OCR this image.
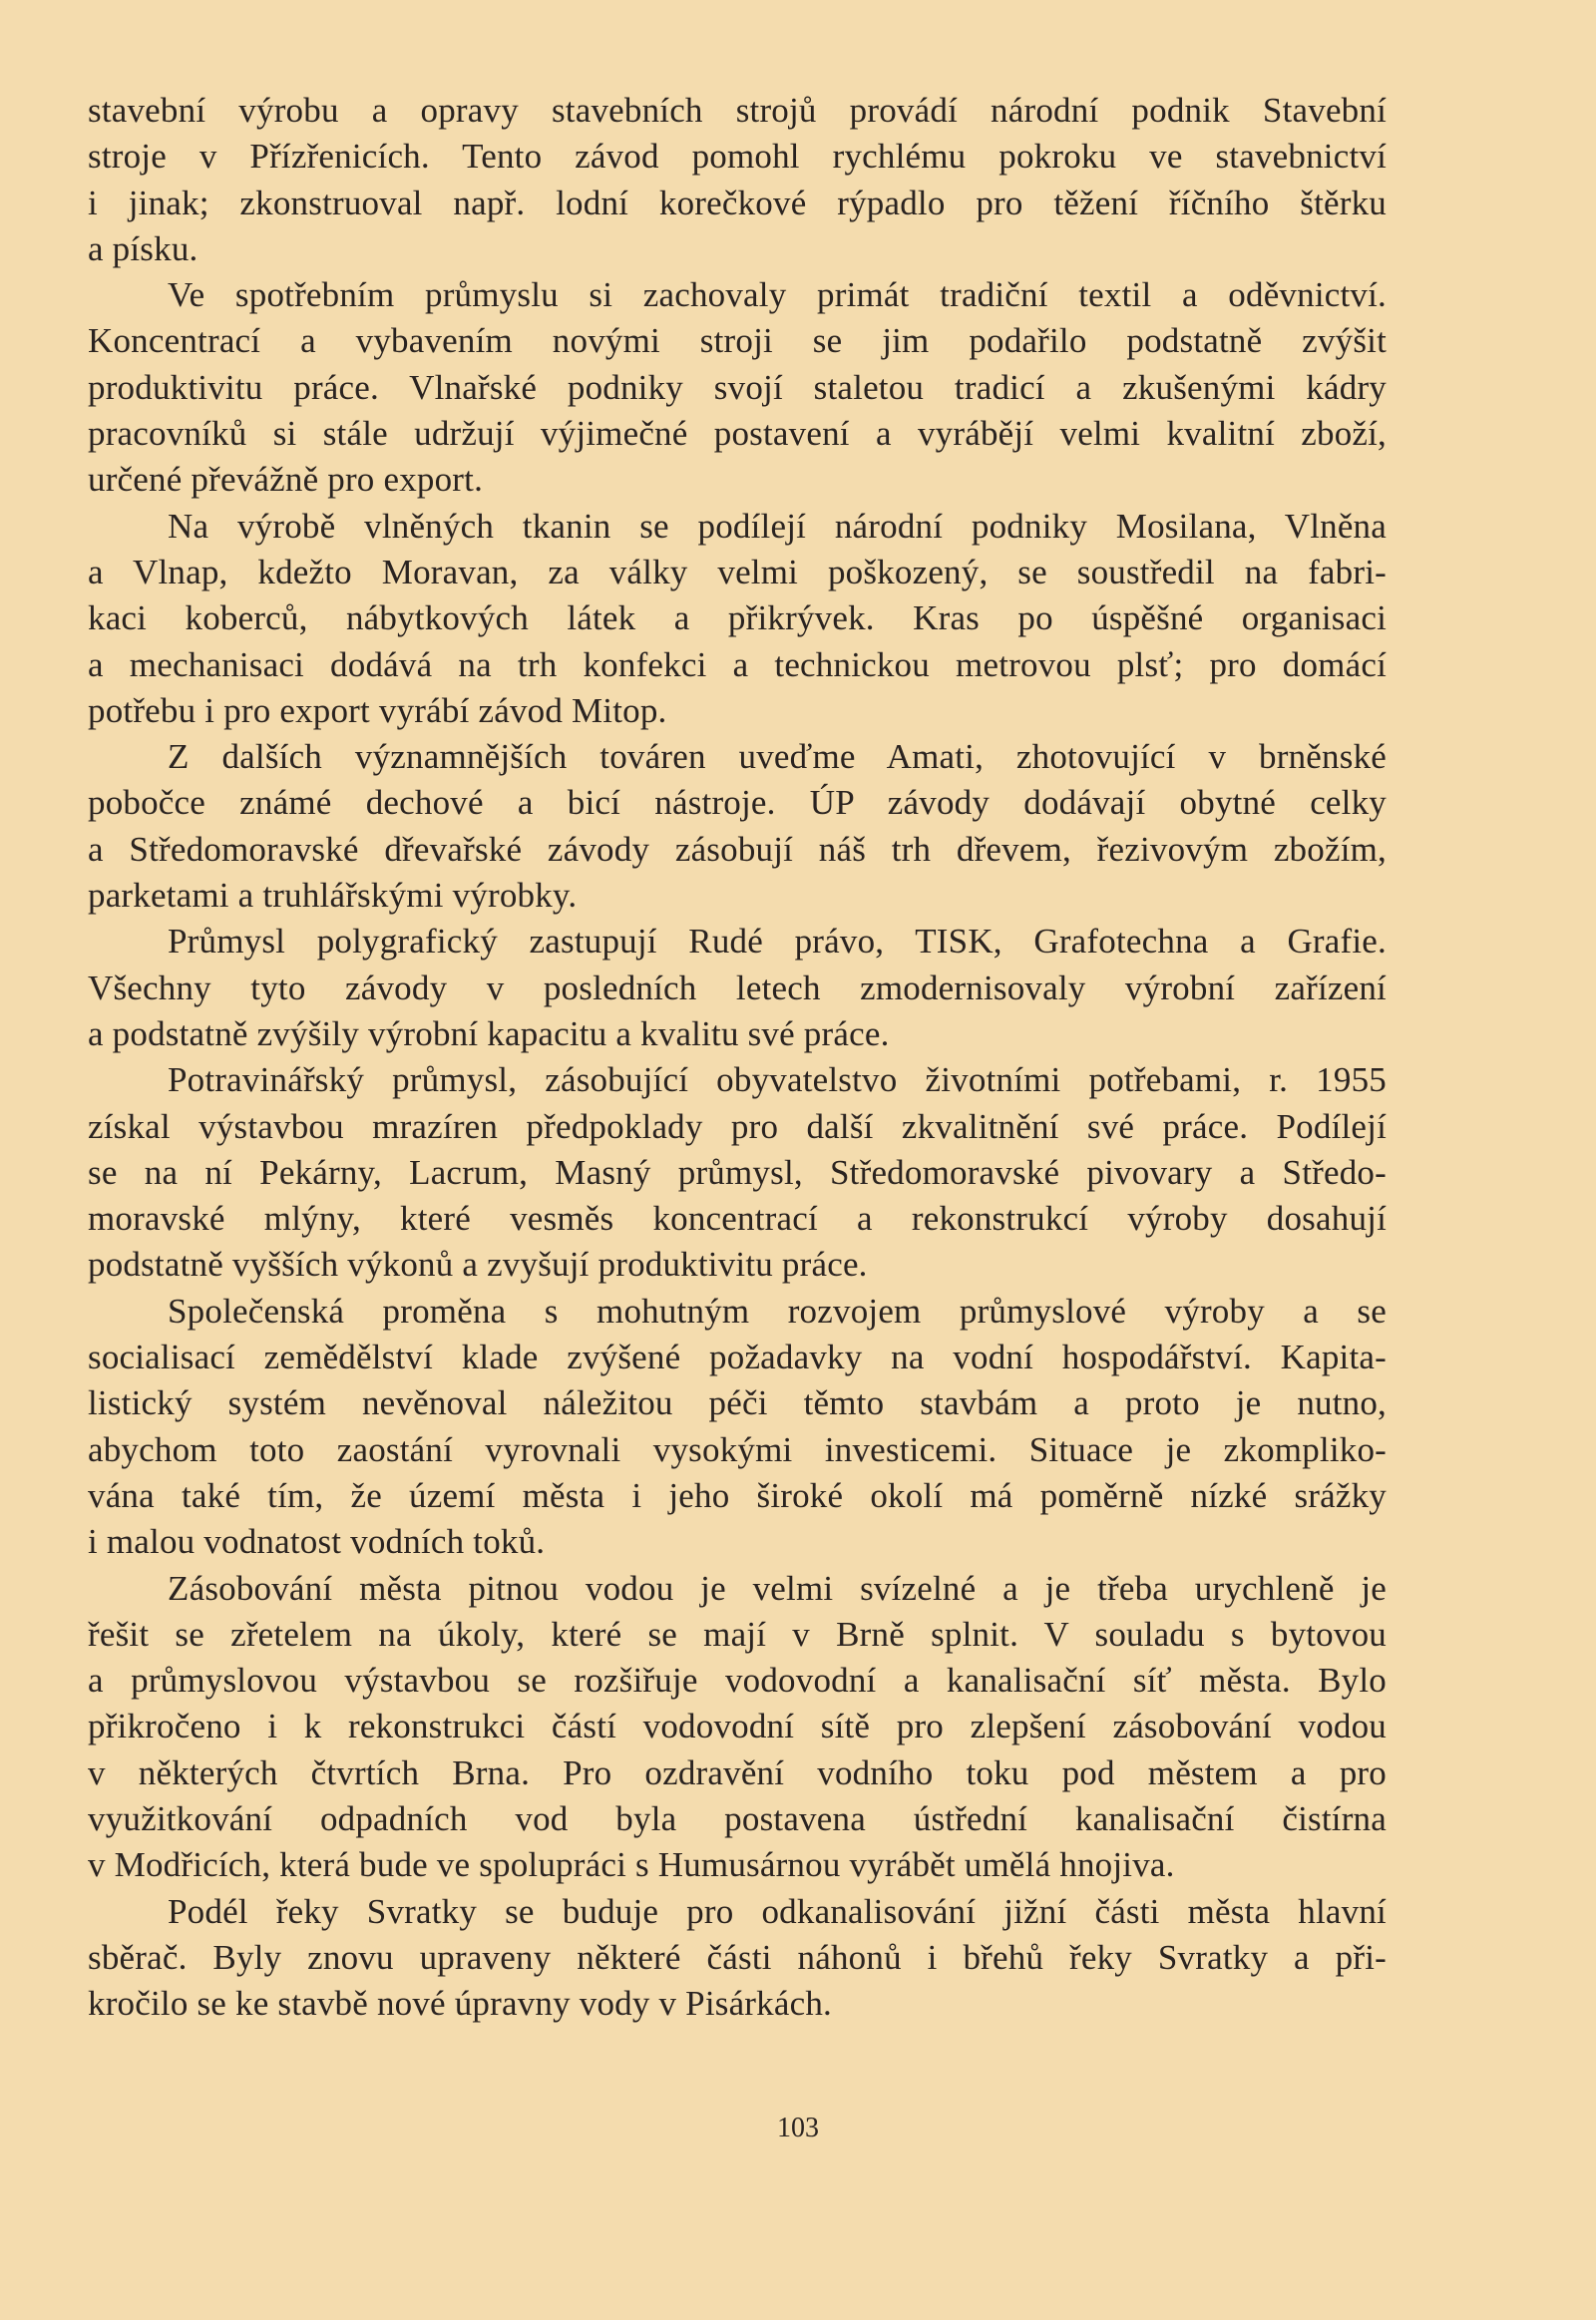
stavební výrobu a opravy stavebních strojů provádí národní podnik Stavební
stroje v Přízřenicích. Tento závod pomohl rychlému pokroku ve stavebnictví
i jinak; zkonstruoval např. lodní korečkové rýpadlo pro těžení říčního štěrku
a písku.
Ve spotřebním průmyslu si zachovaly primát tradiční textil a oděvnictví.
Koncentrací a vybavením novými stroji se jim podařilo podstatně zvýšit
produktivitu práce. Vlnařské podniky svojí staletou tradicí a zkušenými kádry
pracovníků si stále udržují výjimečné postavení a vyrábějí velmi kvalitní zboží,
určené převážně pro export.
Na výrobě vlněných tkanin se podílejí národní podniky Mosilana, Vlněna
a Vlnap, kdežto Moravan, za války velmi poškozený, se soustředil na fabri-
kaci koberců, nábytkových látek a přikrývek. Kras po úspěšné organisaci
a mechanisaci dodává na trh konfekci a technickou metrovou plsť; pro domácí
potřebu i pro export vyrábí závod Mitop.
Z dalších významnějších továren uveďme Amati, zhotovující v brněnské
pobočce známé dechové a bicí nástroje. ÚP závody dodávají obytné celky
a Středomoravské dřevařské závody zásobují náš trh dřevem, řezivovým zbožím,
parketami a truhlářskými výrobky.
Průmysl polygrafický zastupují Rudé právo, TISK, Grafotechna a Grafie.
Všechny tyto závody v posledních letech zmodernisovaly výrobní zařízení
a podstatně zvýšily výrobní kapacitu a kvalitu své práce.
Potravinářský průmysl, zásobující obyvatelstvo životními potřebami, r. 1955
získal výstavbou mrazíren předpoklady pro další zkvalitnění své práce. Podílejí
se na ní Pekárny, Lacrum, Masný průmysl, Středomoravské pivovary a Středo-
moravské mlýny, které vesměs koncentrací a rekonstrukcí výroby dosahují
podstatně vyšších výkonů a zvyšují produktivitu práce.
Společenská proměna s mohutným rozvojem průmyslové výroby a se
socialisací zemědělství klade zvýšené požadavky na vodní hospodářství. Kapita-
listický systém nevěnoval náležitou péči těmto stavbám a proto je nutno,
abychom toto zaostání vyrovnali vysokými investicemi. Situace je zkompliko-
vána také tím, že území města i jeho široké okolí má poměrně nízké srážky
i malou vodnatost vodních toků.
Zásobování města pitnou vodou je velmi svízelné a je třeba urychleně je
řešit se zřetelem na úkoly, které se mají v Brně splnit. V souladu s bytovou
a průmyslovou výstavbou se rozšiřuje vodovodní a kanalisační síť města. Bylo
přikročeno i k rekonstrukci částí vodovodní sítě pro zlepšení zásobování vodou
v některých čtvrtích Brna. Pro ozdravění vodního toku pod městem a pro
využitkování odpadních vod byla postavena ústřední kanalisační čistírna
v Modřicích, která bude ve spolupráci s Humusárnou vyrábět umělá hnojiva.
Podél řeky Svratky se buduje pro odkanalisování jižní části města hlavní
sběrač. Byly znovu upraveny některé části náhonů i břehů řeky Svratky a při-
kročilo se ke stavbě nové úpravny vody v Pisárkách.
103
